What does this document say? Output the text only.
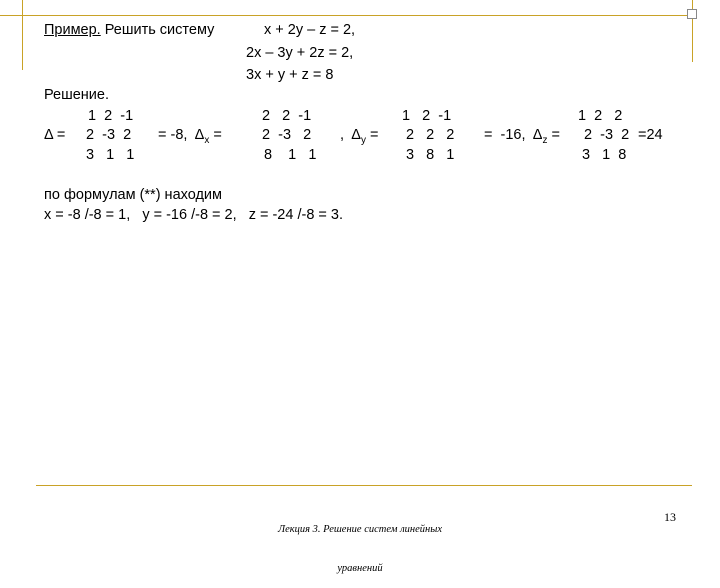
Пример. Решить систему	x + 2y – z = 2,
2x – 3y + 2z = 2,
3x + y + z = 8
Решение.
Δ =
1  2  -1
2  -3  2
3   1   1
= -8,  $\Delta_x$ =
2   2  -1
2  -3   2
8    1   1
,  $\Delta_y$ =
1   2  -1
2   2   2
3   8   1
=  -16,  $\Delta_z$ =
1  2   2
2  -3  2
3   1  8
=24
по формулам (**) находим
x = -8 /-8 = 1,   y = -16 /-8 = 2,   z = -24 /-8 = 3.

Лекция 3. Решение систем линейных

уравнений

13
